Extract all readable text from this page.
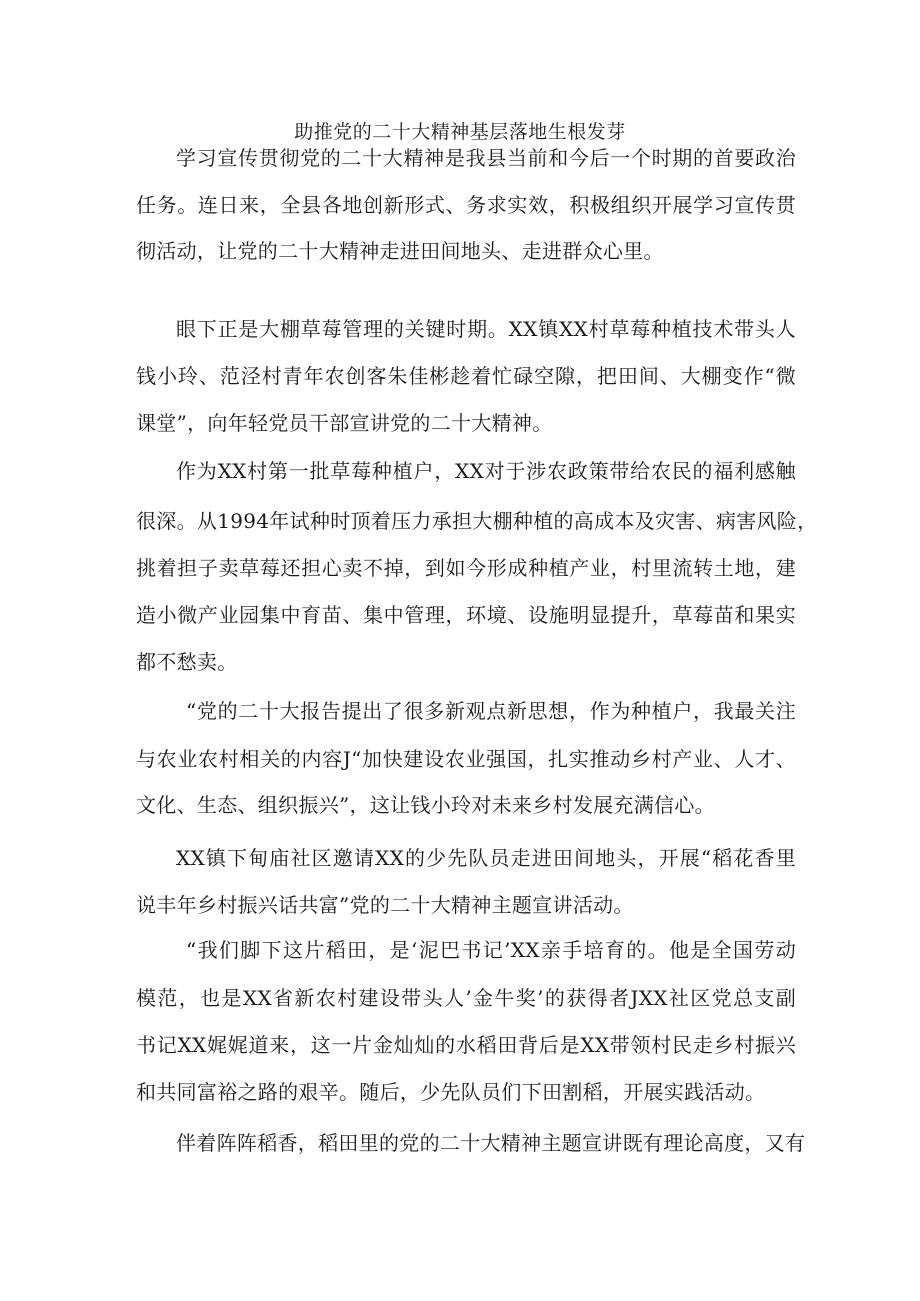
助推党的二十大精神基层落地生根发芽
学习宣传贯彻党的二十大精神是我县当前和今后一个时期的首要政治
任务。连日来，全县各地创新形式、务求实效，积极组织开展学习宣传贯
彻活动，让党的二十大精神走进田间地头、走进群众心里。
眼下正是大棚草莓管理的关键时期。XX镇XX村草莓种植技术带头人
钱小玲、范泾村青年农创客朱佳彬趁着忙碌空隙，把田间、大棚变作“微
课堂”，向年轻党员干部宣讲党的二十大精神。
作为XX村第一批草莓种植户，XX对于涉农政策带给农民的福利感触
很深。从1994年试种时顶着压力承担大棚种植的高成本及灾害、病害风险，
挑着担子卖草莓还担心卖不掉，到如今形成种植产业，村里流转土地，建
造小微产业园集中育苗、集中管理，环境、设施明显提升，草莓苗和果实
都不愁卖。
“党的二十大报告提出了很多新观点新思想，作为种植户，我最关注
与农业农村相关的内容J“加快建设农业强国，扎实推动乡村产业、人才、
文化、生态、组织振兴”，这让钱小玲对未来乡村发展充满信心。
XX镇下甸庙社区邀请XX的少先队员走进田间地头，开展“稻花香里
说丰年乡村振兴话共富”党的二十大精神主题宣讲活动。
“我们脚下这片稻田，是‘泥巴书记’XX亲手培育的。他是全国劳动
模范，也是XX省新农村建设带头人’金牛奖’的获得者JXX社区党总支副
书记XX娓娓道来，这一片金灿灿的水稻田背后是XX带领村民走乡村振兴
和共同富裕之路的艰辛。随后，少先队员们下田割稻，开展实践活动。
伴着阵阵稻香，稻田里的党的二十大精神主题宣讲既有理论高度，又有
